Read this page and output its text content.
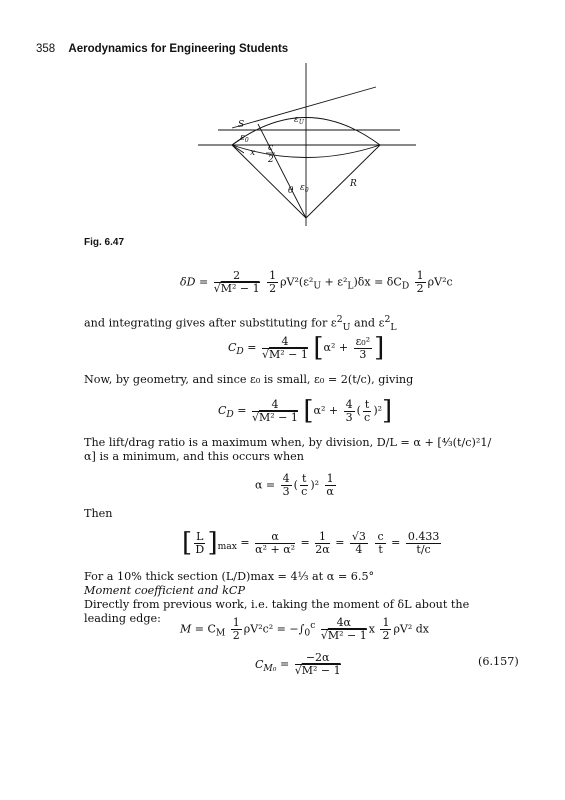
358 Aerodynamics for Engineering Students
S	$\varepsilon_U$
$\varepsilon_0$
x c
2
θ $\varepsilon_0$
R
Fig. 6.47
$\delta D = \frac{2}{\text{√M² − 1}}$
$\frac{1}{2} \rho V^2(\varepsilon^2_U + \varepsilon^2_L)\delta x = \delta C_D \frac{1}{2} \rho V^2c$
and integrating gives after substituting for $\varepsilon^2_U$ and $\varepsilon^2_L$
$C_D = \frac{4}{\text{√M² − 1}} [\alpha^2 + \frac{\text{ε₀²}}{3}$ ]
Now, by geometry, and since ε₀ is small, ε₀ = 2(t/c), giving
$C_D = \frac{4}{\text{√M² − 1}} [\alpha^2 + \frac{4}{3}$ ( $\frac{t}{c} )^2$]
The lift/drag ratio is a maximum when, by division, D/L = α + [⁴⁄₃(t/c)²1/α] is a minimum, and this occurs when
$\alpha = \frac{4}{3}$ ( $\frac{t}{c} )^2 \frac{1}{\alpha}$
Then
[ $\frac{L}{D} ]_{max} = \frac{\alpha}{\text{α² + α²}} = \frac{1}{2\alpha} = \frac{√3}{4}$
$\frac{c}{t} = \frac{0.433}{t/c}$
For a 10% thick section (L/D)max = 4⅓ at α = 6.5°
Moment coefficient and kCP
Directly from previous work, i.e. taking the moment of δL about the leading edge:
$M = C_M \frac{1}{2} \rho V^2c^2 = -\int_0^c \frac{4\alpha}{\text{√M² − 1}}$ x $\frac{1}{2} \rho V^2$ dx
$C_{M_0} = \frac{-2\alpha}{\text{√M² − 1}}$	(6.157)
